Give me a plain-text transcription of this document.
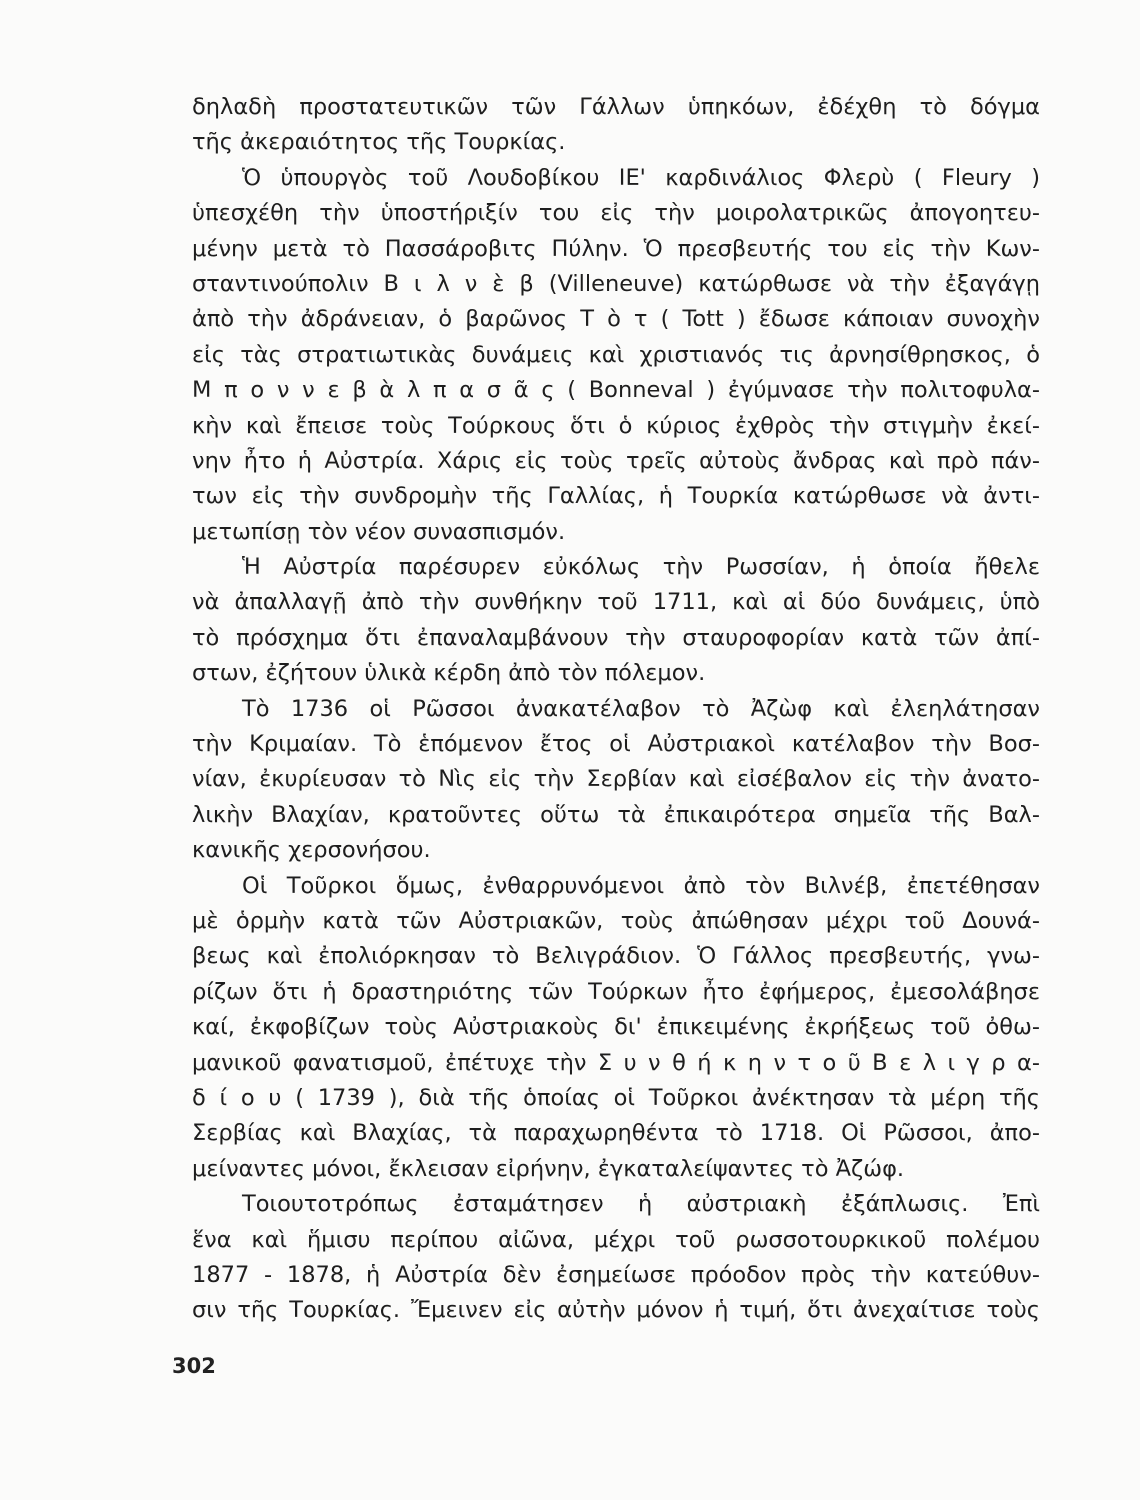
δηλαδὴ προστατευτικῶν τῶν Γάλλων ὑπηκόων, ἐδέχθη τὸ δόγμα
τῆς ἀκεραιότητος τῆς Τουρκίας.
Ὁ ὑπουργὸς τοῦ Λουδοβίκου ΙΕ' καρδινάλιος Φλερὺ ( Fleury )
ὑπεσχέθη τὴν ὑποστήριξίν του εἰς τὴν μοιρολατρικῶς ἀπογοητευ-
μένην μετὰ τὸ Πασσάροβιτς Πύλην. Ὁ πρεσβευτής του εἰς τὴν Κων-
σταντινούπολιν Β ι λ ν ὲ β (Villeneuve) κατώρθωσε νὰ τὴν ἐξαγάγῃ
ἀπὸ τὴν ἀδράνειαν, ὁ βαρῶνος Τ ὸ τ ( Tott ) ἔδωσε κάποιαν συνοχὴν
εἰς τὰς στρατιωτικὰς δυνάμεις καὶ χριστιανός τις ἀρνησίθρησκος, ὁ
Μ π ο ν ν ε β ὰ λ π α σ ᾶ ς ( Bonneval ) ἐγύμνασε τὴν πολιτοφυλα-
κὴν καὶ ἔπεισε τοὺς Τούρκους ὅτι ὁ κύριος ἐχθρὸς τὴν στιγμὴν ἐκεί-
νην ἦτο ἡ Αὐστρία. Χάρις εἰς τοὺς τρεῖς αὐτοὺς ἄνδρας καὶ πρὸ πάν-
των εἰς τὴν συνδρομὴν τῆς Γαλλίας, ἡ Τουρκία κατώρθωσε νὰ ἀντι-
μετωπίσῃ τὸν νέον συνασπισμόν.
Ἡ Αὐστρία παρέσυρεν εὐκόλως τὴν Ρωσσίαν, ἡ ὁποία ἤθελε
νὰ ἀπαλλαγῇ ἀπὸ τὴν συνθήκην τοῦ 1711, καὶ αἱ δύο δυνάμεις, ὑπὸ
τὸ πρόσχημα ὅτι ἐπαναλαμβάνουν τὴν σταυροφορίαν κατὰ τῶν ἀπί-
στων, ἐζήτουν ὑλικὰ κέρδη ἀπὸ τὸν πόλεμον.
Τὸ 1736 οἱ Ρῶσσοι ἀνακατέλαβον τὸ Ἀζὼφ καὶ ἐλεηλάτησαν
τὴν Κριμαίαν. Τὸ ἑπόμενον ἔτος οἱ Αὐστριακοὶ κατέλαβον τὴν Βοσ-
νίαν, ἐκυρίευσαν τὸ Νὶς εἰς τὴν Σερβίαν καὶ εἰσέβαλον εἰς τὴν ἀνατο-
λικὴν Βλαχίαν, κρατοῦντες οὕτω τὰ ἐπικαιρότερα σημεῖα τῆς Βαλ-
κανικῆς χερσονήσου.
Οἱ Τοῦρκοι ὅμως, ἐνθαρρυνόμενοι ἀπὸ τὸν Βιλνέβ, ἐπετέθησαν
μὲ ὁρμὴν κατὰ τῶν Αὐστριακῶν, τοὺς ἀπώθησαν μέχρι τοῦ Δουνά-
βεως καὶ ἐπολιόρκησαν τὸ Βελιγράδιον. Ὁ Γάλλος πρεσβευτής, γνω-
ρίζων ὅτι ἡ δραστηριότης τῶν Τούρκων ἦτο ἐφήμερος, ἐμεσολάβησε
καί, ἐκφοβίζων τοὺς Αὐστριακοὺς δι' ἐπικειμένης ἐκρήξεως τοῦ ὀθω-
μανικοῦ φανατισμοῦ, ἐπέτυχε τὴν Σ υ ν θ ή κ η ν τ ο ῦ Β ε λ ι γ ρ α-
δ ί ο υ ( 1739 ), διὰ τῆς ὁποίας οἱ Τοῦρκοι ἀνέκτησαν τὰ μέρη τῆς
Σερβίας καὶ Βλαχίας, τὰ παραχωρηθέντα τὸ 1718. Οἱ Ρῶσσοι, ἀπο-
μείναντες μόνοι, ἔκλεισαν εἰρήνην, ἐγκαταλείψαντες τὸ Ἀζώφ.
Τοιουτοτρόπως ἐσταμάτησεν ἡ αὐστριακὴ ἐξάπλωσις. Ἐπὶ
ἕνα καὶ ἥμισυ περίπου αἰῶνα, μέχρι τοῦ ρωσσοτουρκικοῦ πολέμου
1877 - 1878, ἡ Αὐστρία δὲν ἐσημείωσε πρόοδον πρὸς τὴν κατεύθυν-
σιν τῆς Τουρκίας. Ἔμεινεν εἰς αὐτὴν μόνον ἡ τιμή, ὅτι ἀνεχαίτισε τοὺς
302
